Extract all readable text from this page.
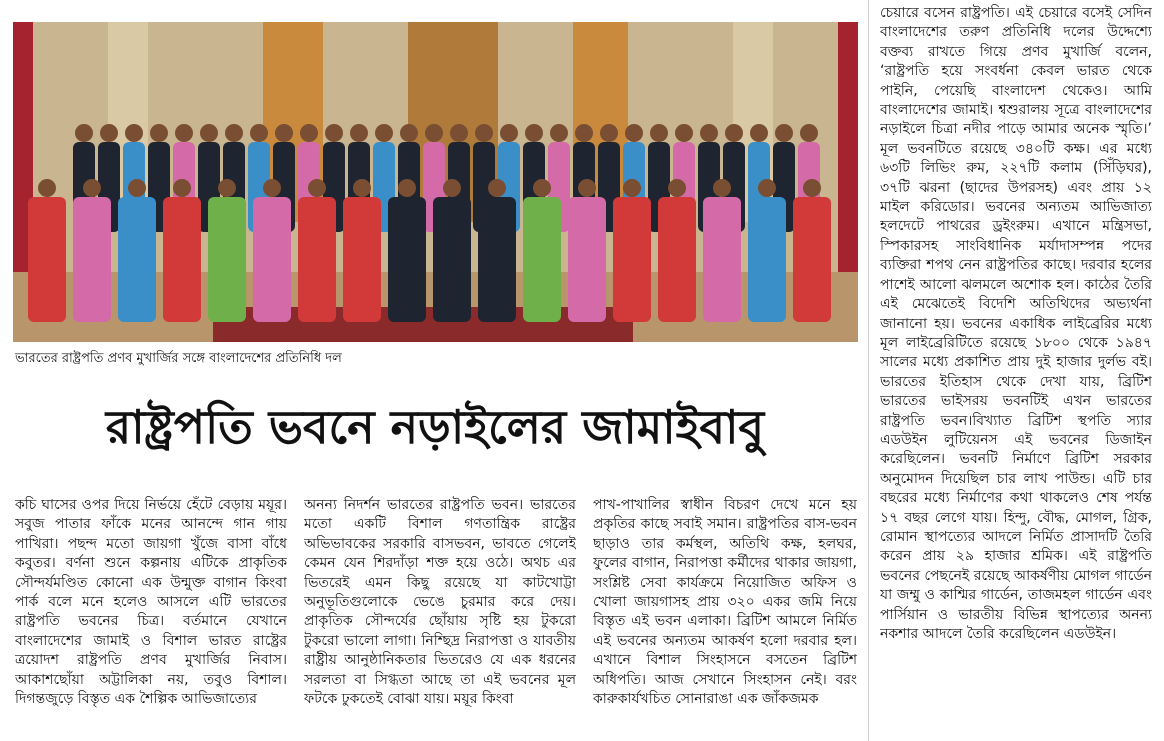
ভারতের রাষ্ট্রপতি প্রণব মুখার্জির সঙ্গে বাংলাদেশের প্রতিনিধি দল
রাষ্ট্রপতি ভবনে নড়াইলের জামাইবাবু

কচি ঘাসের ওপর দিয়ে নির্ভয়ে হেঁটে বেড়ায় ময়ূর। সবুজ পাতার ফাঁকে মনের আনন্দে গান গায় পাখিরা। পছন্দ মতো জায়গা খুঁজে বাসা বাঁধে কবুতর। বর্ণনা শুনে কল্পনায় এটিকে প্রাকৃতিক সৌন্দর্যমণ্ডিত কোনো এক উন্মুক্ত বাগান কিংবা পার্ক বলে মনে হলেও আসলে এটি ভারতের রাষ্ট্রপতি ভবনের চিত্র। বর্তমানে যেখানে বাংলাদেশের জামাই ও বিশাল ভারত রাষ্ট্রের ত্রয়োদশ রাষ্ট্রপতি প্রণব মুখার্জির নিবাস। আকাশছোঁয়া অট্টালিকা নয়, তবুও বিশাল। দিগন্তজুড়ে বিস্তৃত এক শৈল্পিক আভিজাত্যের

অনন্য নিদর্শন ভারতের রাষ্ট্রপতি ভবন। ভারতের মতো একটি বিশাল গণতান্ত্রিক রাষ্ট্রের অভিভাবকের সরকারি বাসভবন, ভাবতে গেলেই কেমন যেন শিরদাঁড়া শক্ত হয়ে ওঠে। অথচ এর ভিতরেই এমন কিছু রয়েছে যা কাটখোট্টা অনুভূতিগুলোকে ভেঙে চুরমার করে দেয়। প্রাকৃতিক সৌন্দর্যের ছোঁয়ায় সৃষ্টি হয় টুকরো টুকরো ভালো লাগা। নিশ্ছিদ্র নিরাপত্তা ও যাবতীয় রাষ্ট্রীয় আনুষ্ঠানিকতার ভিতরেও যে এক ধরনের সরলতা বা সিগ্ধতা আছে তা এই ভবনের মূল ফটকে ঢুকতেই বোঝা যায়। ময়ূর কিংবা

পাখ-পাখালির স্বাধীন বিচরণ দেখে মনে হয় প্রকৃতির কাছে সবাই সমান। রাষ্ট্রপতির বাস-ভবন ছাড়াও তার কর্মস্থল, অতিথি কক্ষ, হলঘর, ফুলের বাগান, নিরাপত্তা কর্মীদের থাকার জায়গা, সংশ্লিষ্ট সেবা কার্যক্রমে নিয়োজিত অফিস ও খোলা জায়গাসহ প্রায় ৩২০ একর জমি নিয়ে বিস্তৃত এই ভবন এলাকা। ব্রিটিশ আমলে নির্মিত এই ভবনের অন্যতম আকর্ষণ হলো দরবার হল। এখানে বিশাল সিংহাসনে বসতেন ব্রিটিশ অধিপতি। আজ সেখানে সিংহাসন নেই। বরং কারুকার্যখচিত সোনারাঙা এক জাঁকজমক

চেয়ারে বসেন রাষ্ট্রপতি। এই চেয়ারে বসেই সেদিন বাংলাদেশের তরুণ প্রতিনিধি দলের উদ্দেশ্যে বক্তব্য রাখতে গিয়ে প্রণব মুখার্জি বলেন, ‘রাষ্ট্রপতি হয়ে সংবর্ধনা কেবল ভারত থেকে পাইনি, পেয়েছি বাংলাদেশ থেকেও। আমি বাংলাদেশের জামাই। শ্বশুরালয় সূত্রে বাংলাদেশের নড়াইলে চিত্রা নদীর পাড়ে আমার অনেক স্মৃতি।’ মূল ভবনটিতে রয়েছে ৩৪০টি কক্ষ। এর মধ্যে ৬৩টি লিভিং রুম, ২২৭টি কলাম (সিঁড়িঘর), ৩৭টি ঝরনা (ছাদের উপরসহ) এবং প্রায় ১২ মাইল করিডোর। ভবনের অন্যতম আভিজাত্য হলদেটে পাথরের ড্রইংরুম। এখানে মন্ত্রিসভা, স্পিকারসহ সাংবিধানিক মর্যাদাসম্পন্ন পদের ব্যক্তিরা শপথ নেন রাষ্ট্রপতির কাছে। দরবার হলের পাশেই আলো ঝলমলে অশোক হল। কাঠের তৈরি এই মেঝেতেই বিদেশি অতিথিদের অভ্যর্থনা জানানো হয়। ভবনের একাধিক লাইব্রেরির মধ্যে মূল লাইব্রেরিটিতে রয়েছে ১৮০০ থেকে ১৯৪৭ সালের মধ্যে প্রকাশিত প্রায় দুই হাজার দুর্লভ বই। ভারতের ইতিহাস থেকে দেখা যায়, ব্রিটিশ ভারতের ভাইসরয় ভবনটিই এখন ভারতের রাষ্ট্রপতি ভবন।বিখ্যাত ব্রিটিশ স্থপতি স্যার এডউইন লুটিয়েনস এই ভবনের ডিজাইন করেছিলেন। ভবনটি নির্মাণে ব্রিটিশ সরকার অনুমোদন দিয়েছিল চার লাখ পাউন্ড। এটি চার বছরের মধ্যে নির্মাণের কথা থাকলেও শেষ পর্যন্ত ১৭ বছর লেগে যায়। হিন্দু, বৌদ্ধ, মোগল, গ্রিক, রোমান স্থাপত্যের আদলে নির্মিত প্রাসাদটি তৈরি করেন প্রায় ২৯ হাজার শ্রমিক। এই রাষ্ট্রপতি ভবনের পেছনেই রয়েছে আকর্ষণীয় মোগল গার্ডেন যা জম্মু ও কাশ্মির গার্ডেন, তাজমহল গার্ডেন এবং পার্সিয়ান ও ভারতীয় বিভিন্ন স্থাপত্যের অনন্য নকশার আদলে তৈরি করেছিলেন এডউইন।
